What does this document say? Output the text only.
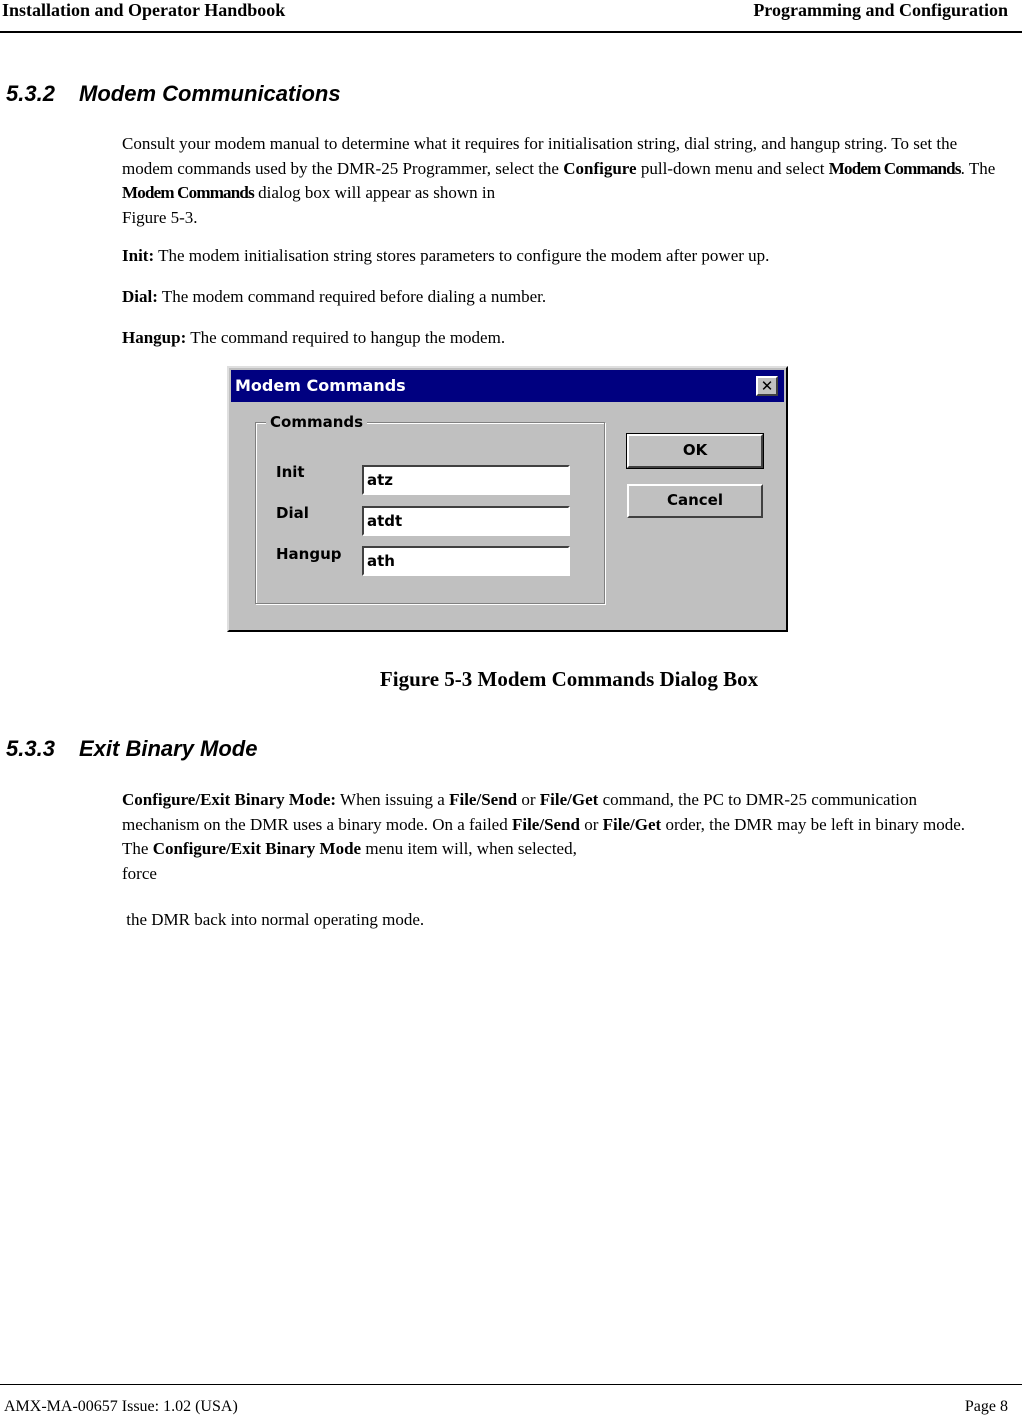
Installation and Operator Handbook	Programming and Configuration
5.3.2 Modem Communications
Consult your modem manual to determine what it requires for initialisation string, dial string, and hangup string. To set the modem commands used by the DMR-25 Programmer, select the Configure pull-down menu and select Modem Commands. The Modem Commands dialog box will appear as shown in
Figure 5-3.
Init: The modem initialisation string stores parameters to configure the modem after power up.
Dial: The modem command required before dialing a number.
Hangup: The command required to hangup the modem.
Modem Commands	✕
Commands
Init	atz
Dial	atdt
Hangup	ath
OK
Cancel
Figure 5-3 Modem Commands Dialog Box
5.3.3 Exit Binary Mode
Configure/Exit Binary Mode: When issuing a File/Send or File/Get command, the PC to DMR-25 communication mechanism on the DMR uses a binary mode. On a failed File/Send or File/Get order, the DMR may be left in binary mode. The Configure/Exit Binary Mode menu item will, when selected,
force
the DMR back into normal operating mode.
AMX-MA-00657 Issue: 1.02 (USA)	Page 8
